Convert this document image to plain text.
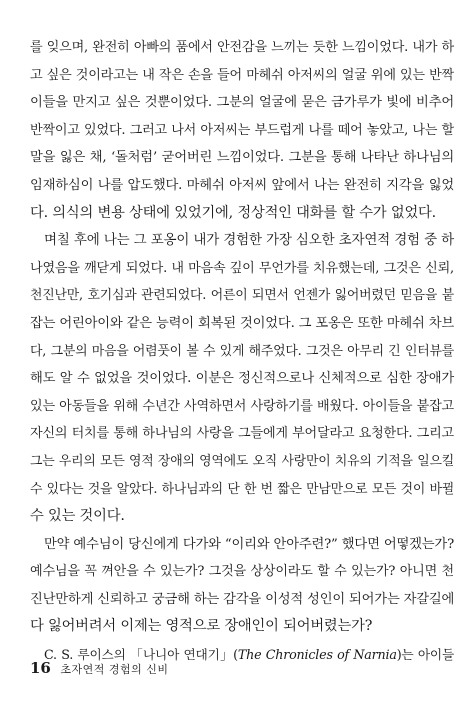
를 잊으며, 완전히 아빠의 품에서 안전감을 느끼는 듯한 느낌이었다. 내가 하
고 싶은 것이라고는 내 작은 손을 들어 마헤쉬 아저씨의 얼굴 위에 있는 반짝
이들을 만지고 싶은 것뿐이었다. 그분의 얼굴에 묻은 금가루가 빛에 비추어
반짝이고 있었다. 그러고 나서 아저씨는 부드럽게 나를 떼어 놓았고, 나는 할
말을 잃은 채, ‘돌처럼’ 굳어버린 느낌이었다. 그분을 통해 나타난 하나님의
임재하심이 나를 압도했다. 마헤쉬 아저씨 앞에서 나는 완전히 지각을 잃었
다. 의식의 변용 상태에 있었기에, 정상적인 대화를 할 수가 없었다.
며칠 후에 나는 그 포옹이 내가 경험한 가장 심오한 초자연적 경험 중 하
나였음을 깨닫게 되었다. 내 마음속 깊이 무언가를 치유했는데, 그것은 신뢰,
천진난만, 호기심과 관련되었다. 어른이 되면서 언젠가 잃어버렸던 믿음을 붙
잡는 어린아이와 같은 능력이 회복된 것이었다. 그 포옹은 또한 마헤쉬 차브
다, 그분의 마음을 어렴풋이 볼 수 있게 해주었다. 그것은 아무리 긴 인터뷰를
해도 알 수 없었을 것이었다. 이분은 정신적으로나 신체적으로 심한 장애가
있는 아동들을 위해 수년간 사역하면서 사랑하기를 배웠다. 아이들을 붙잡고
자신의 터치를 통해 하나님의 사랑을 그들에게 부어달라고 요청한다. 그리고
그는 우리의 모든 영적 장애의 영역에도 오직 사랑만이 치유의 기적을 일으킬
수 있다는 것을 알았다. 하나님과의 단 한 번 짧은 만남만으로 모든 것이 바뀔
수 있는 것이다.
만약 예수님이 당신에게 다가와 “이리와 안아주련?” 했다면 어떻겠는가?
예수님을 꼭 껴안을 수 있는가? 그것을 상상이라도 할 수 있는가? 아니면 천
진난만하게 신뢰하고 궁금해 하는 감각을 이성적 성인이 되어가는 자갈길에
다 잃어버려서 이제는 영적으로 장애인이 되어버렸는가?
C. S. 루이스의 「나니아 연대기」(The Chronicles of Narnia)는 아이들
16 초자연적 경험의 신비
